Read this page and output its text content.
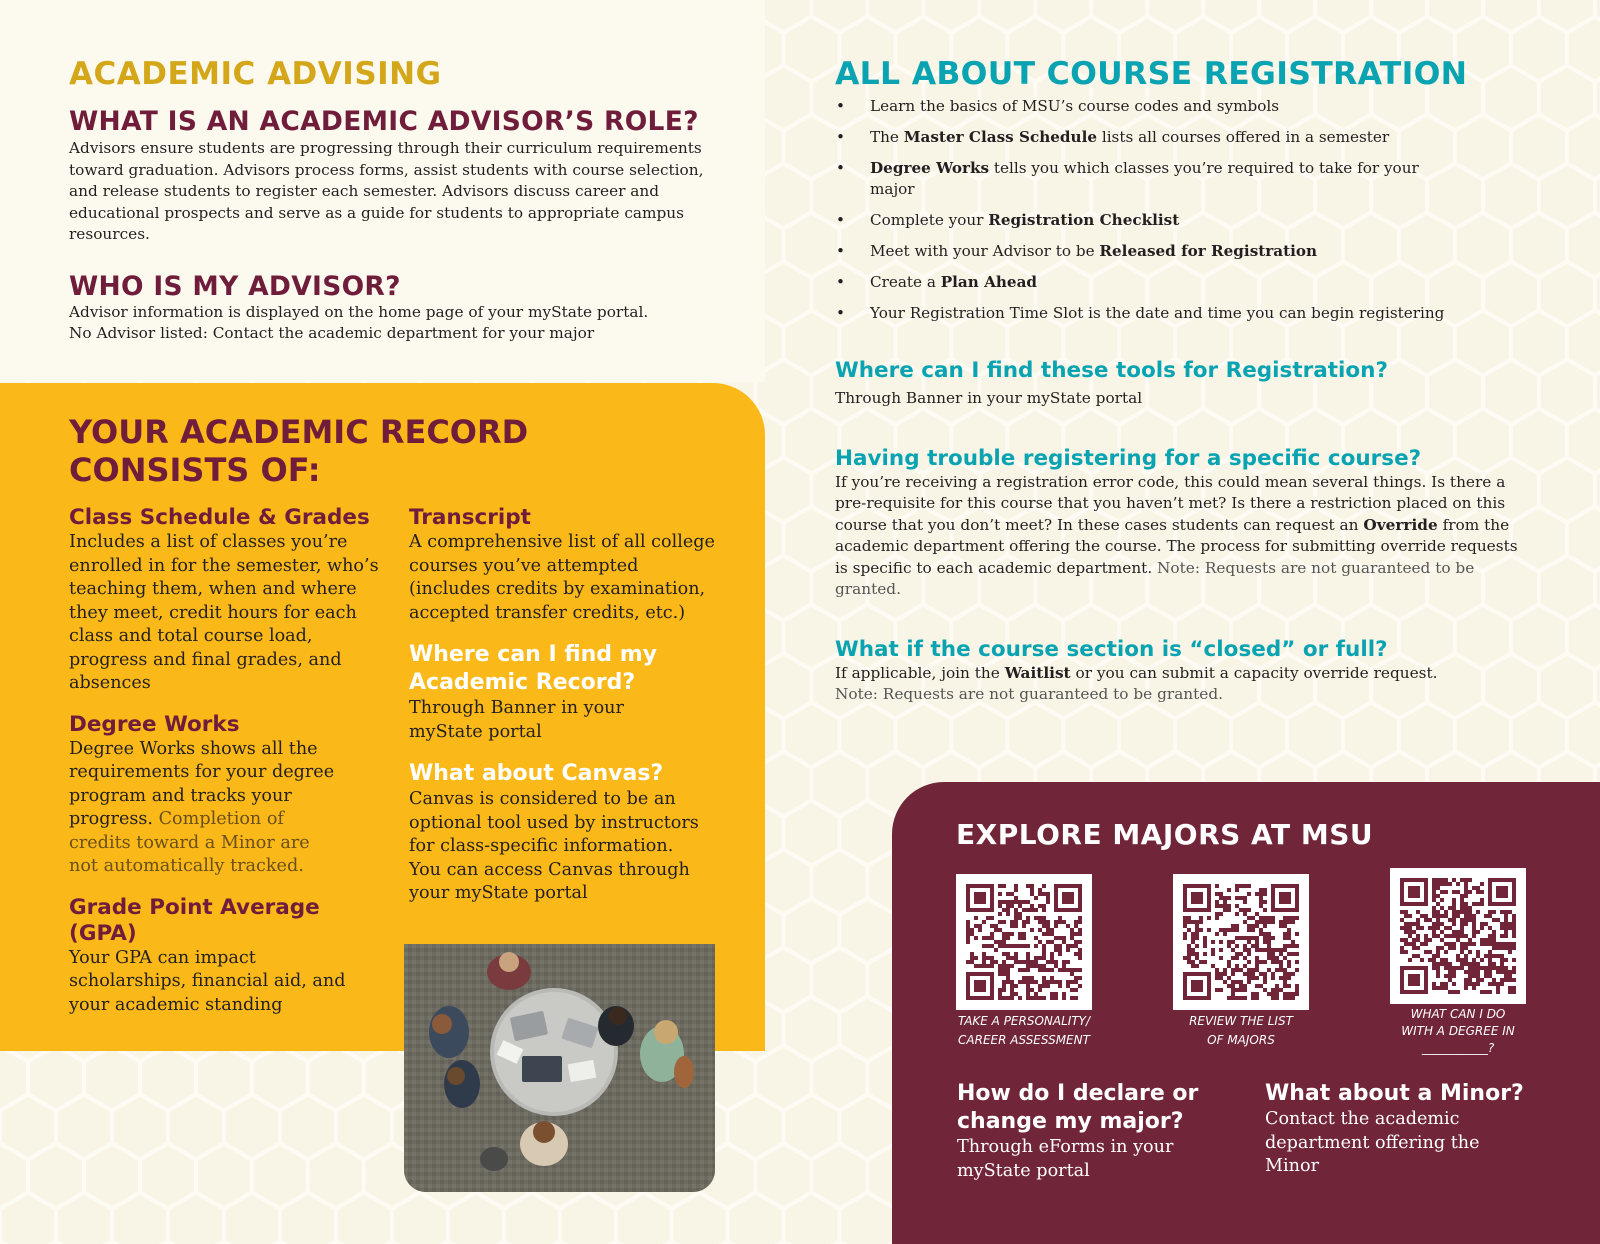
ACADEMIC ADVISING
WHAT IS AN ACADEMIC ADVISOR’S ROLE?

Advisors ensure students are progressing through their curriculum requirements toward graduation. Advisors process forms, assist students with course selection, and release students to register each semester. Advisors discuss career and educational prospects and serve as a guide for students to appropriate campus resources.

WHO IS MY ADVISOR?

Advisor information is displayed on the home page of your myState portal.

No Advisor listed: Contact the academic department for your major

YOUR ACADEMIC RECORD
CONSISTS OF:
Class Schedule & Grades

Includes a list of classes you’re enrolled in for the semester, who’s teaching them, when and where they meet, credit hours for each class and total course load, progress and final grades, and absences

Degree Works

Degree Works shows all the requirements for your degree program and tracks your progress. Completion of credits toward a Minor are not automatically tracked.

Grade Point Average (GPA)

Your GPA can impact scholarships, financial aid, and your academic standing

Transcript

A comprehensive list of all college courses you’ve attempted (includes credits by examination, accepted transfer credits, etc.)

Where can I find my Academic Record?

Through Banner in your myState portal

What about Canvas?

Canvas is considered to be an optional tool used by instructors for class-specific information. You can access Canvas through your myState portal

ALL ABOUT COURSE REGISTRATION
• Learn the basics of MSU’s course codes and symbols
• The Master Class Schedule lists all courses offered in a semester
• Degree Works tells you which classes you’re required to take for your major
• Complete your Registration Checklist
• Meet with your Advisor to be Released for Registration
• Create a Plan Ahead
• Your Registration Time Slot is the date and time you can begin registering
Where can I find these tools for Registration?

Through Banner in your myState portal

Having trouble registering for a specific course?

If you’re receiving a registration error code, this could mean several things. Is there a pre-requisite for this course that you haven’t met? Is there a restriction placed on this course that you don’t meet? In these cases students can request an Override from the academic department offering the course. The process for submitting override requests is specific to each academic department. Note: Requests are not guaranteed to be granted.

What if the course section is “closed” or full?

If applicable, join the Waitlist or you can submit a capacity override request.

Note: Requests are not guaranteed to be granted.

EXPLORE MAJORS AT MSU
TAKE A PERSONALITY/
CAREER ASSESSMENT
REVIEW THE LIST
OF MAJORS
WHAT CAN I DO
WITH A DEGREE IN
___________?
How do I declare or change my major?

Through eForms in your myState portal

What about a Minor?

Contact the academic department offering the Minor
